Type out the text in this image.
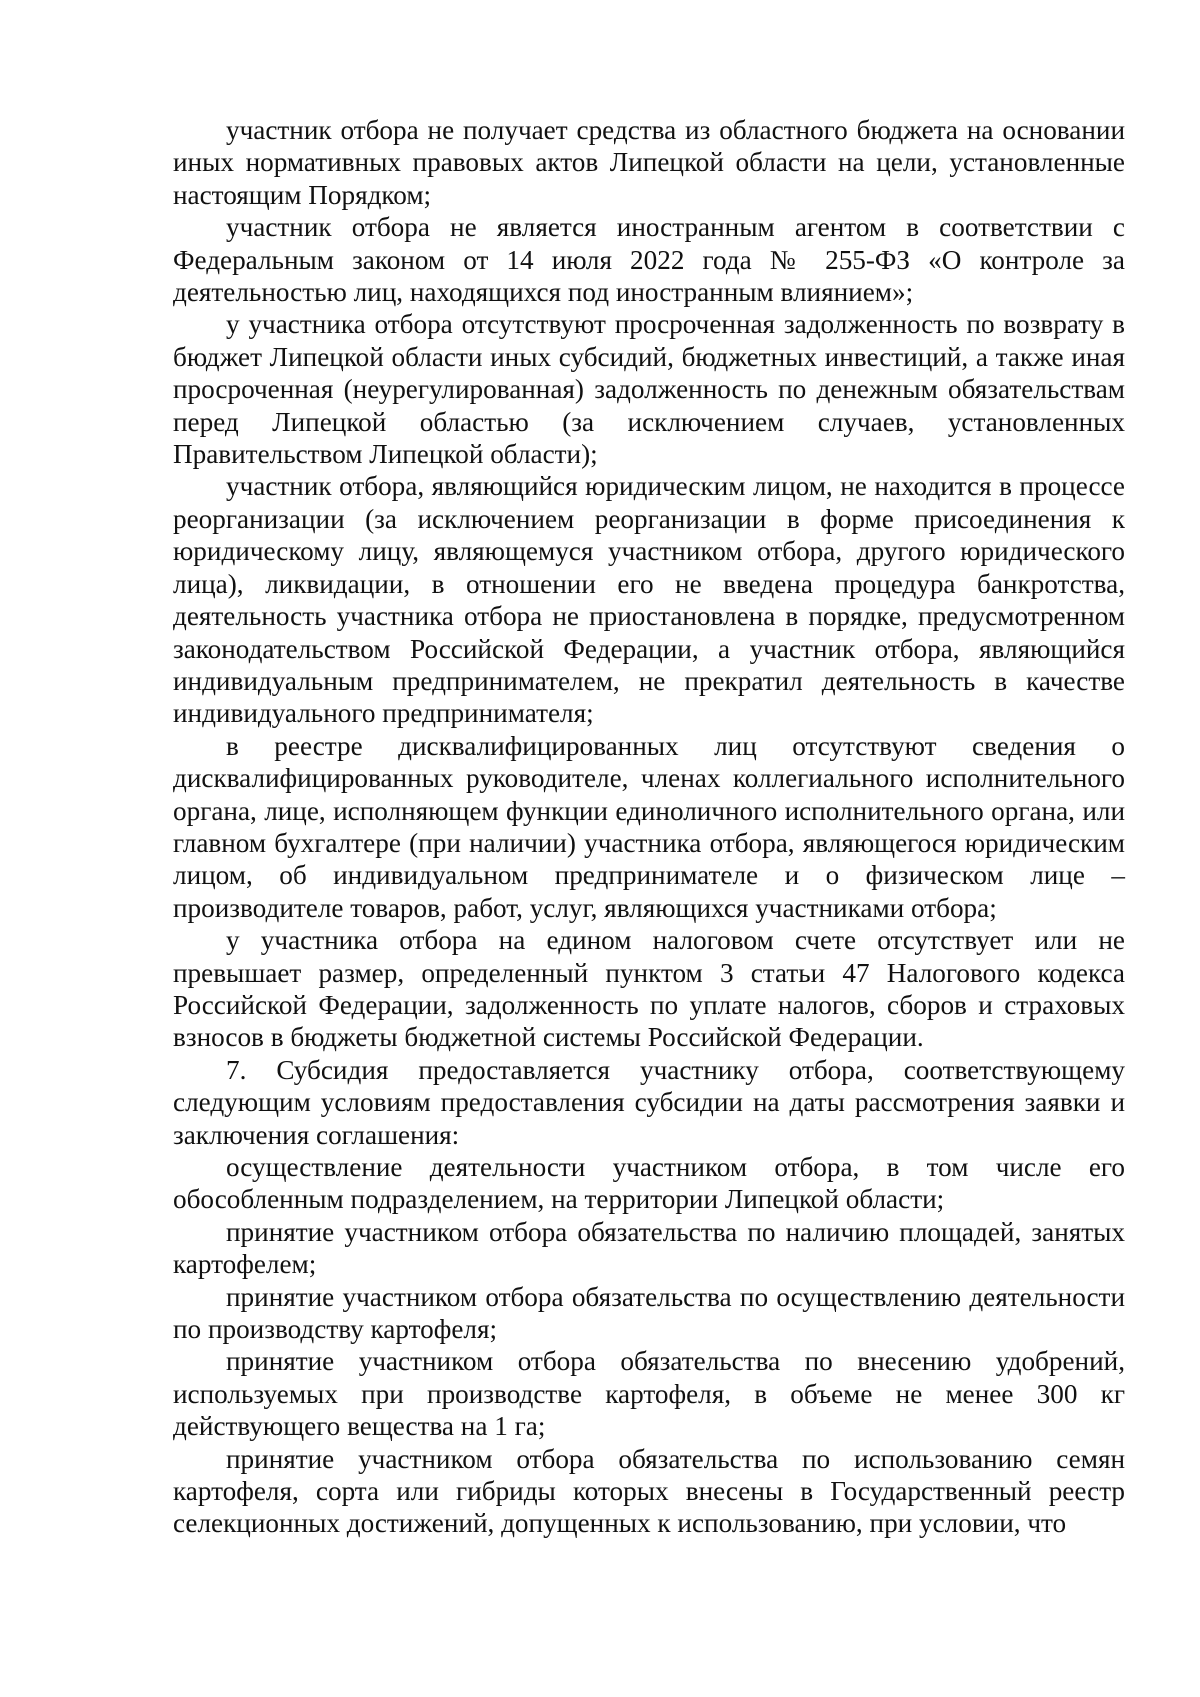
участник отбора не получает средства из областного бюджета на основании иных нормативных правовых актов Липецкой области на цели, установленные настоящим Порядком;

участник отбора не является иностранным агентом в соответствии с Федеральным законом от 14 июля 2022 года № 255-ФЗ «О контроле за деятельностью лиц, находящихся под иностранным влиянием»;

у участника отбора отсутствуют просроченная задолженность по возврату в бюджет Липецкой области иных субсидий, бюджетных инвестиций, а также иная просроченная (неурегулированная) задолженность по денежным обязательствам перед Липецкой областью (за исключением случаев, установленных Правительством Липецкой области);

участник отбора, являющийся юридическим лицом, не находится в процессе реорганизации (за исключением реорганизации в форме присоединения к юридическому лицу, являющемуся участником отбора, другого юридического лица), ликвидации, в отношении его не введена процедура банкротства, деятельность участника отбора не приостановлена в порядке, предусмотренном законодательством Российской Федерации, а участник отбора, являющийся индивидуальным предпринимателем, не прекратил деятельность в качестве индивидуального предпринимателя;

в реестре дисквалифицированных лиц отсутствуют сведения о дисквалифицированных руководителе, членах коллегиального исполнительного органа, лице, исполняющем функции единоличного исполнительного органа, или главном бухгалтере (при наличии) участника отбора, являющегося юридическим лицом, об индивидуальном предпринимателе и о физическом лице – производителе товаров, работ, услуг, являющихся участниками отбора;

у участника отбора на едином налоговом счете отсутствует или не превышает размер, определенный пунктом 3 статьи 47 Налогового кодекса Российской Федерации, задолженность по уплате налогов, сборов и страховых взносов в бюджеты бюджетной системы Российской Федерации.

7. Субсидия предоставляется участнику отбора, соответствующему следующим условиям предоставления субсидии на даты рассмотрения заявки и заключения соглашения:

осуществление деятельности участником отбора, в том числе его обособленным подразделением, на территории Липецкой области;

принятие участником отбора обязательства по наличию площадей, занятых картофелем;

принятие участником отбора обязательства по осуществлению деятельности по производству картофеля;

принятие участником отбора обязательства по внесению удобрений, используемых при производстве картофеля, в объеме не менее 300 кг действующего вещества на 1 га;

принятие участником отбора обязательства по использованию семян картофеля, сорта или гибриды которых внесены в Государственный реестр селекционных достижений, допущенных к использованию, при условии, что
